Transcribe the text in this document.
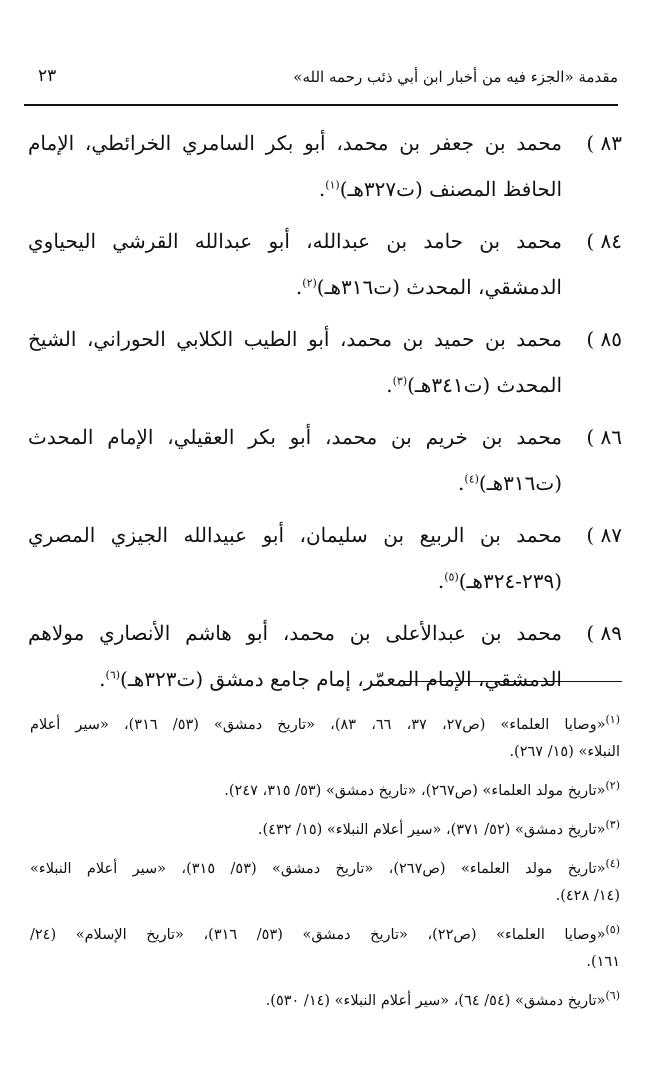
مقدمة «الجزء فيه من أخبار ابن أبي ذئب رحمه الله»
٢٣
٨٣ )
محمد بن جعفر بن محمد، أبو بكر السامري الخرائطي، الإمام
الحافظ المصنف (ت٣٢٧هـ)$^{(١)}$.
٨٤ )
محمد بن حامد بن عبدالله، أبو عبدالله القرشي اليحياوي
الدمشقي، المحدث (ت٣١٦هـ)$^{(٢)}$.
٨٥ )
محمد بن حميد بن محمد، أبو الطيب الكلابي الحوراني، الشيخ
المحدث (ت٣٤١هـ)$^{(٣)}$.
٨٦ )
محمد بن خريم بن محمد، أبو بكر العقيلي، الإمام المحدث
(ت٣١٦هـ)$^{(٤)}$.
٨٧ )
محمد بن الربيع بن سليمان، أبو عبيدالله الجيزي المصري
(٢٣٩-٣٢٤هـ)$^{(٥)}$.
٨٩ )
محمد بن عبدالأعلى بن محمد، أبو هاشم الأنصاري مولاهم
الدمشقي، الإمام المعمّر، إمام جامع دمشق (ت٣٢٣هـ)$^{(٦)}$.
$^{(١)}$«وصايا العلماء» (ص٢٧، ٣٧، ٦٦، ٨٣)، «تاريخ دمشق» (٥٣/ ٣١٦)، «سير أعلام
النبلاء» (١٥/ ٢٦٧).
$^{(٢)}$«تاريخ مولد العلماء» (ص٢٦٧)، «تاريخ دمشق» (٥٣/ ٣١٥، ٢٤٧).
$^{(٣)}$«تاريخ دمشق» (٥٢/ ٣٧١)، «سير أعلام النبلاء» (١٥/ ٤٣٢).
$^{(٤)}$«تاريخ مولد العلماء» (ص٢٦٧)، «تاريخ دمشق» (٥٣/ ٣١٥)، «سير أعلام النبلاء»
(١٤/ ٤٢٨).
$^{(٥)}$«وصايا العلماء» (ص٢٢)، «تاريخ دمشق» (٥٣/ ٣١٦)، «تاريخ الإسلام» (٢٤/
١٦١).
$^{(٦)}$«تاريخ دمشق» (٥٤/ ٦٤)، «سير أعلام النبلاء» (١٤/ ٥٣٠).
